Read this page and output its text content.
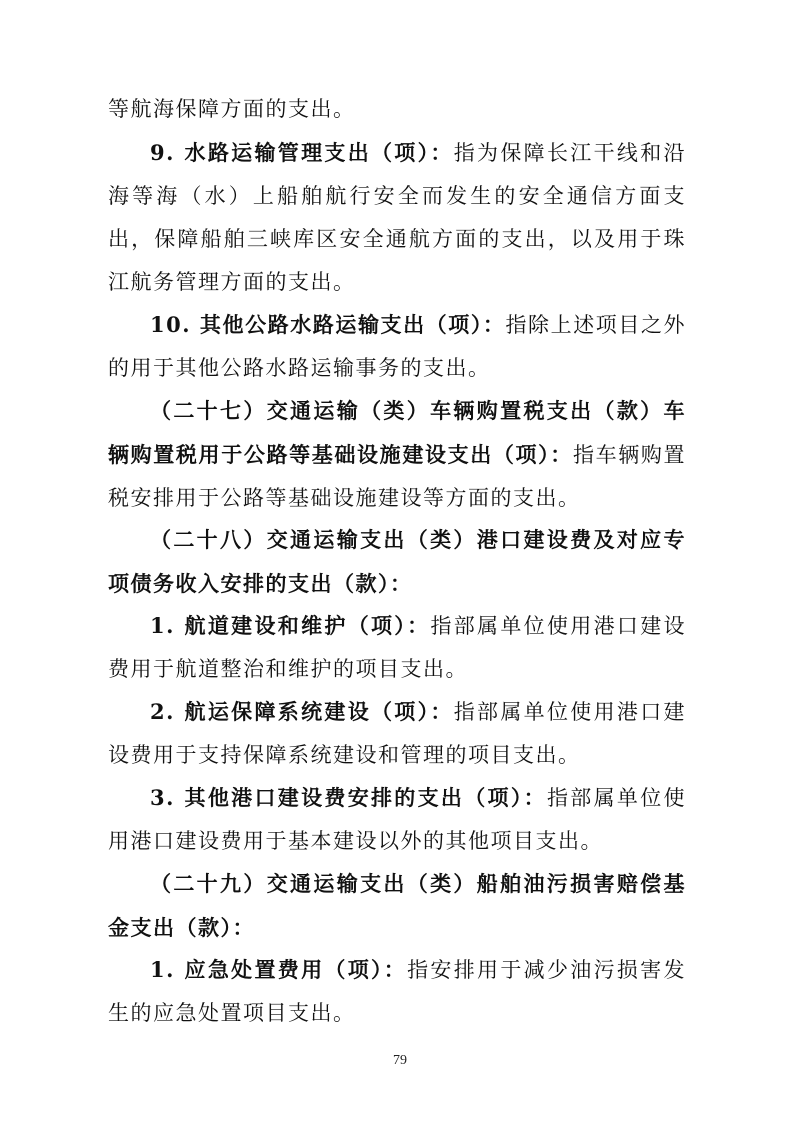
等航海保障方面的支出。

9. 水路运输管理支出（项）：指为保障长江干线和沿海等海（水）上船舶航行安全而发生的安全通信方面支出，保障船舶三峡库区安全通航方面的支出，以及用于珠江航务管理方面的支出。

10. 其他公路水路运输支出（项）：指除上述项目之外的用于其他公路水路运输事务的支出。

（二十七）交通运输（类）车辆购置税支出（款）车辆购置税用于公路等基础设施建设支出（项）：指车辆购置税安排用于公路等基础设施建设等方面的支出。

（二十八）交通运输支出（类）港口建设费及对应专项债务收入安排的支出（款）：

1. 航道建设和维护（项）：指部属单位使用港口建设费用于航道整治和维护的项目支出。

2. 航运保障系统建设（项）：指部属单位使用港口建设费用于支持保障系统建设和管理的项目支出。

3. 其他港口建设费安排的支出（项）：指部属单位使用港口建设费用于基本建设以外的其他项目支出。

（二十九）交通运输支出（类）船舶油污损害赔偿基金支出（款）：

1. 应急处置费用（项）：指安排用于减少油污损害发生的应急处置项目支出。

79
